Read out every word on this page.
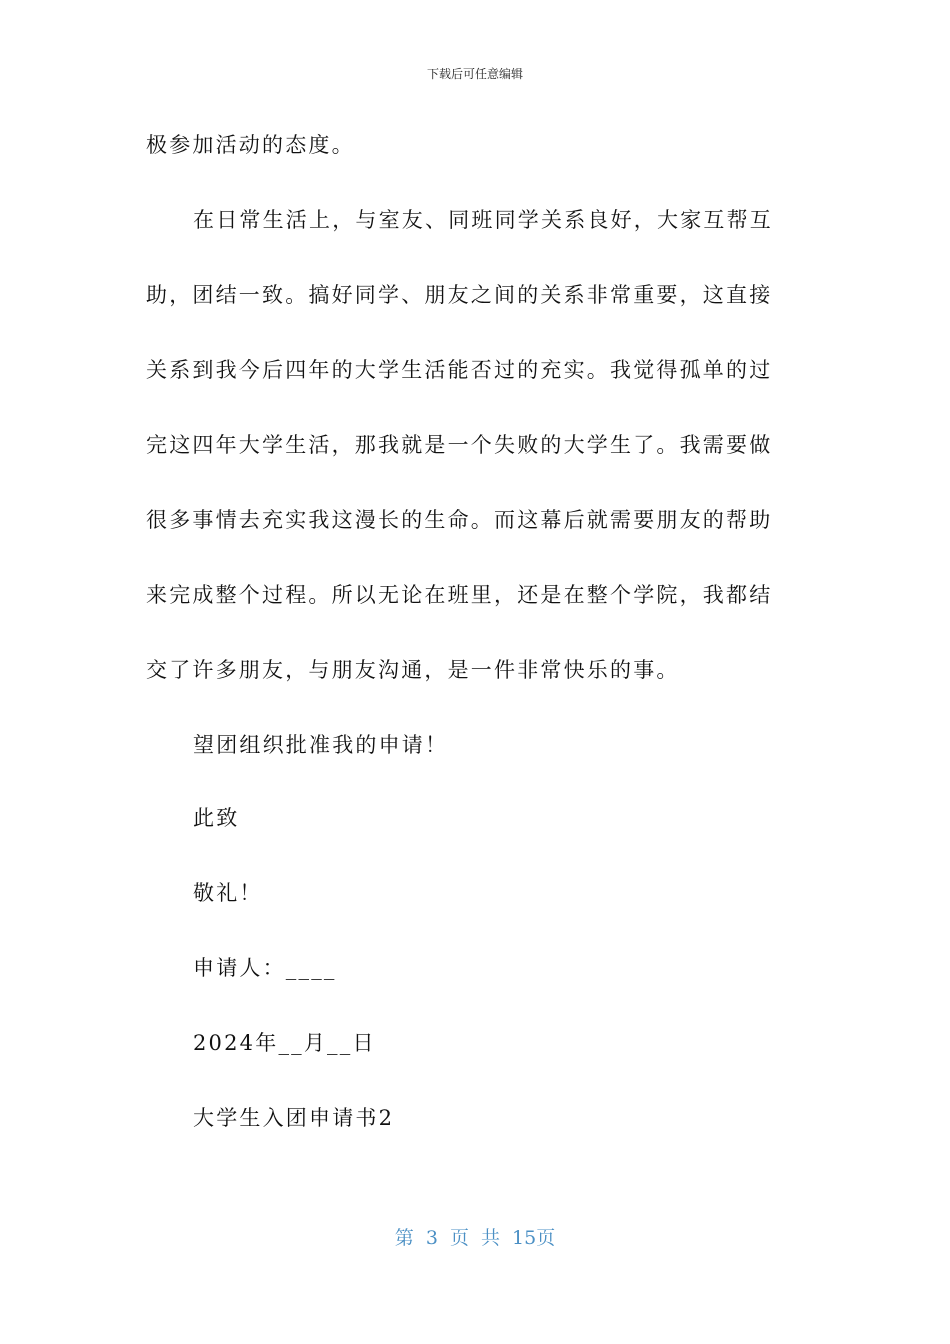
下载后可任意编辑

极参加活动的态度。

在日常生活上，与室友、同班同学关系良好，大家互帮互

助，团结一致。搞好同学、朋友之间的关系非常重要，这直接

关系到我今后四年的大学生活能否过的充实。我觉得孤单的过

完这四年大学生活，那我就是一个失败的大学生了。我需要做

很多事情去充实我这漫长的生命。而这幕后就需要朋友的帮助

来完成整个过程。所以无论在班里，还是在整个学院，我都结

交了许多朋友，与朋友沟通，是一件非常快乐的事。

望团组织批准我的申请！

此致

敬礼！

申请人：____

2024年__月__日

大学生入团申请书2

第 3 页 共 15页
